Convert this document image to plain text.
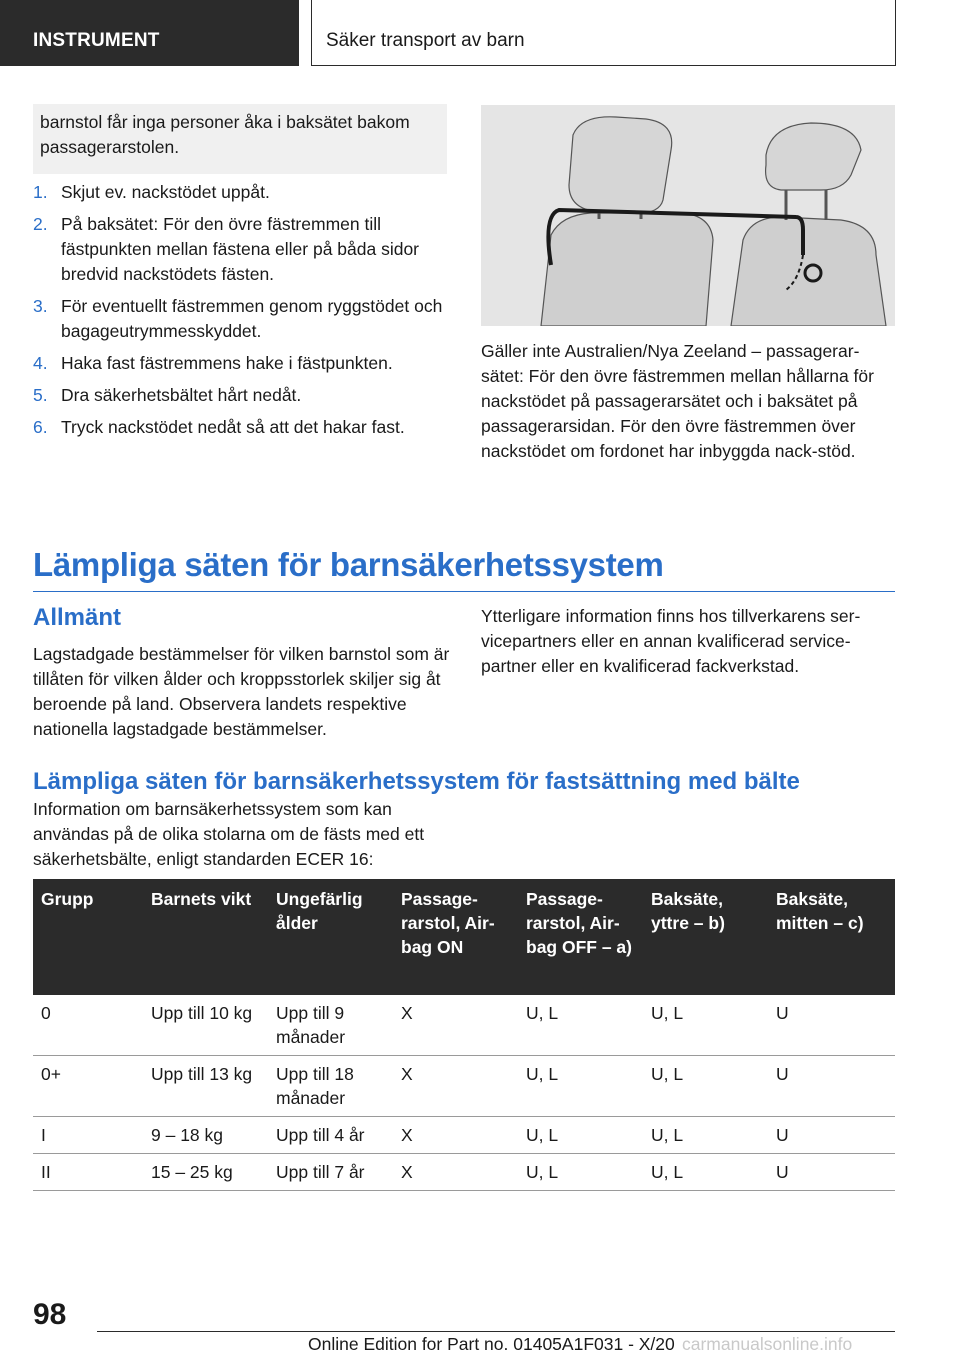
INSTRUMENT	Säker transport av barn
barnstol får inga personer åka i baksätet bakom passagerarstolen.
1. Skjut ev. nackstödet uppåt.
2. På baksätet: För den övre fästremmen till fästpunkten mellan fästena eller på båda sidor bredvid nackstödets fästen.
3. För eventuellt fästremmen genom ryggstödet och bagageutrymmesskyddet.
4. Haka fast fästremmens hake i fästpunkten.
5. Dra säkerhetsbältet hårt nedåt.
6. Tryck nackstödet nedåt så att det hakar fast.
Gäller inte Australien/Nya Zeeland – passagerar-sätet: För den övre fästremmen mellan hållarna för nackstödet på passagerarsätet och i baksätet på passagerarsidan. För den övre fästremmen över nackstödet om fordonet har inbyggda nack-stöd.
Lämpliga säten för barnsäkerhetssystem
Allmänt
Lagstadgade bestämmelser för vilken barnstol som är tillåten för vilken ålder och kroppsstorlek skiljer sig åt beroende på land. Observera landets respektive nationella lagstadgade bestämmelser.
Ytterligare information finns hos tillverkarens ser-vicepartners eller en annan kvalificerad service-partner eller en kvalificerad fackverkstad.
Lämpliga säten för barnsäkerhetssystem för fastsättning med bälte
Information om barnsäkerhetssystem som kan användas på de olika stolarna om de fästs med ett säkerhetsbälte, enligt standarden ECER 16:
Grupp	Barnets vikt	Ungefärlig ålder	Passage-rarstol, Air-bag ON	Passage-rarstol, Air-bag OFF – a)	Baksäte, yttre – b)	Baksäte, mitten – c)
0	Upp till 10 kg	Upp till 9 månader	X	U, L	U, L	U
0+	Upp till 13 kg	Upp till 18 månader	X	U, L	U, L	U
I	9 – 18 kg	Upp till 4 år	X	U, L	U, L	U
II	15 – 25 kg	Upp till 7 år	X	U, L	U, L	U
98
Online Edition for Part no. 01405A1F031 - X/20 carmanualsonline.info
